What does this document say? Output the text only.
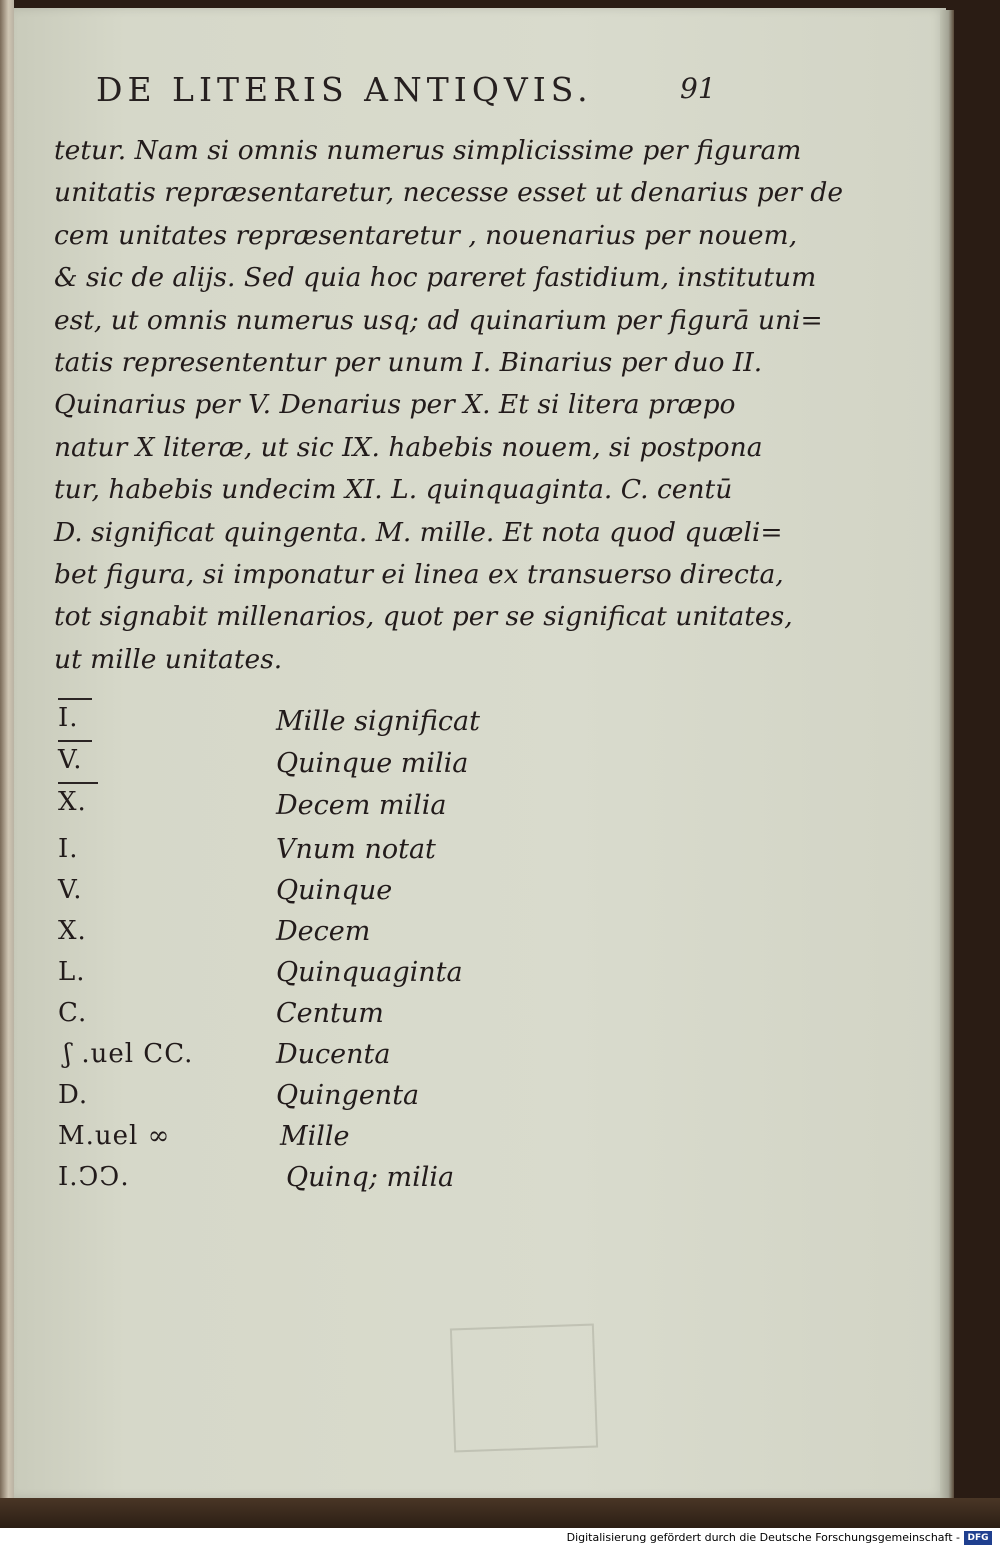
DE LITERIS ANTIQVIS.	91
tetur. Nam si omnis numerus simplicissime per figuram
unitatis repræsentaretur, necesse esset ut denarius per de
cem unitates repræsentaretur , nouenarius per nouem,
& sic de alijs. Sed quia hoc pareret fastidium, institutum
est, ut omnis numerus usq; ad quinarium per figurā uni=
tatis represententur per unum I. Binarius per duo II.
Quinarius per V. Denarius per X. Et si litera præpo
natur X literæ, ut sic IX. habebis nouem, si postpona
tur, habebis undecim XI. L. quinquaginta. C. centū
D. significat quingenta. M. mille. Et nota quod quæli=
bet figura, si imponatur ei linea ex transuerso directa,
tot signabit millenarios, quot per se significat unitates,
ut mille unitates.
I.	Mille significat
V.	Quinque milia
X.	Decem milia
I.	Vnum notat
V.	Quinque
X.	Decem
L.	Quinquaginta
C.	Centum
ʃ .uel CC.	Ducenta
D.	Quingenta
M.uel ∞	Mille
I.ↃↃ.	Quinq; milia
Digitalisierung gefördert durch die Deutsche Forschungsgemeinschaft - DFG
